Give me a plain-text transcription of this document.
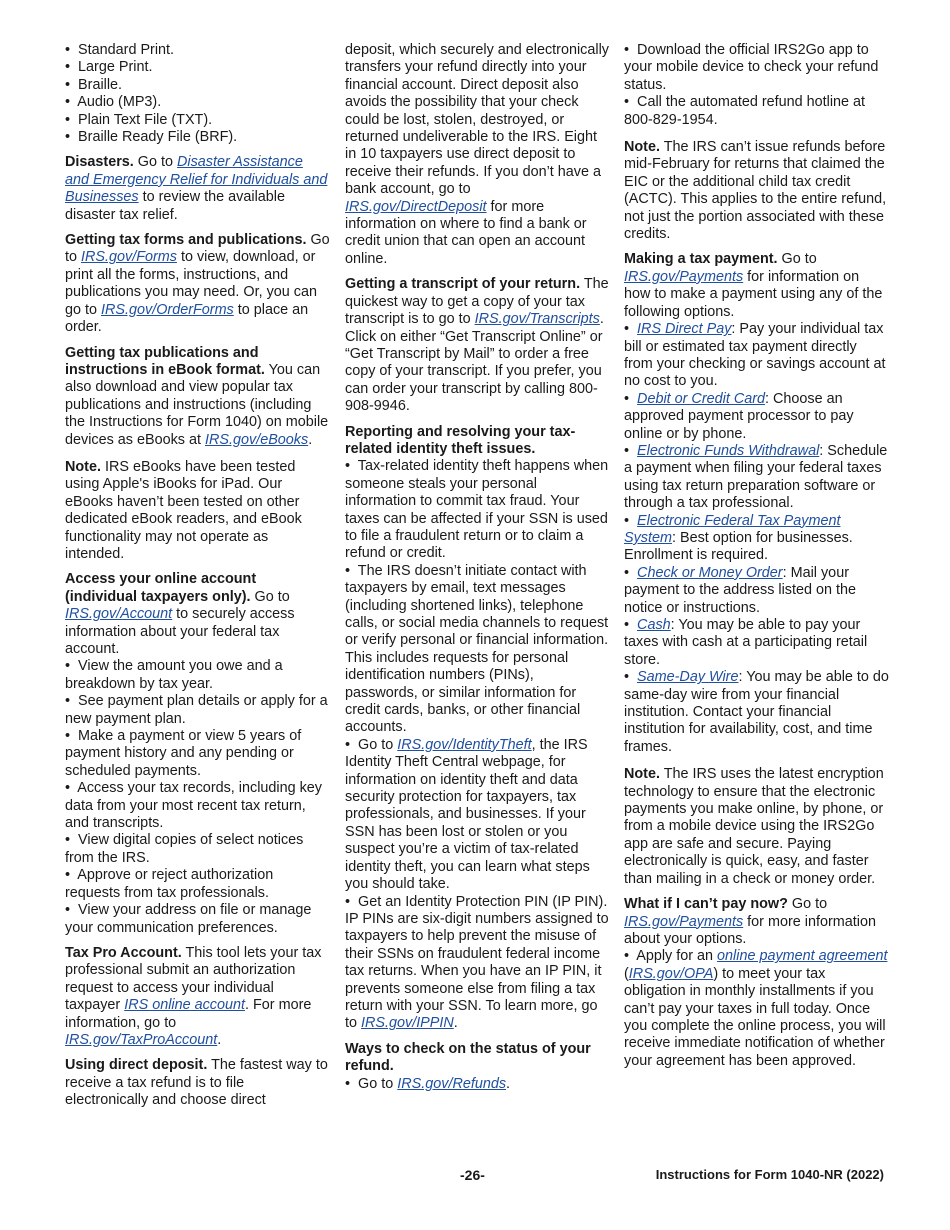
•  Standard Print.
•  Large Print.
•  Braille.
•  Audio (MP3).
•  Plain Text File (TXT).
•  Braille Ready File (BRF).

Disasters. Go to Disaster Assistance and Emergency Relief for Individuals and Businesses to review the available disaster tax relief.

Getting tax forms and publications. Go to IRS.gov/Forms to view, download, or print all the forms, instructions, and publications you may need. Or, you can go to IRS.gov/OrderForms to place an order.

Getting tax publications and instructions in eBook format. You can also download and view popular tax publications and instructions (including the Instructions for Form 1040) on mobile devices as eBooks at IRS.gov/eBooks.

Note. IRS eBooks have been tested using Apple's iBooks for iPad. Our eBooks haven’t been tested on other dedicated eBook readers, and eBook functionality may not operate as intended.

Access your online account (individual taxpayers only). Go to IRS.gov/Account to securely access information about your federal tax account.

•  View the amount you owe and a breakdown by tax year.

•  See payment plan details or apply for a new payment plan.

•  Make a payment or view 5 years of payment history and any pending or scheduled payments.

•  Access your tax records, including key data from your most recent tax return, and transcripts.

•  View digital copies of select notices from the IRS.

•  Approve or reject authorization requests from tax professionals.

•  View your address on file or manage your communication preferences.

Tax Pro Account. This tool lets your tax professional submit an authorization request to access your individual taxpayer IRS online account. For more information, go to IRS.gov/TaxProAccount.

Using direct deposit. The fastest way to receive a tax refund is to file electronically and choose direct

deposit, which securely and electronically transfers your refund directly into your financial account. Direct deposit also avoids the possibility that your check could be lost, stolen, destroyed, or returned undeliverable to the IRS. Eight in 10 taxpayers use direct deposit to receive their refunds. If you don’t have a bank account, go to IRS.gov/DirectDeposit for more information on where to find a bank or credit union that can open an account online.

Getting a transcript of your return. The quickest way to get a copy of your tax transcript is to go to IRS.gov/Transcripts. Click on either “Get Transcript Online” or “Get Transcript by Mail” to order a free copy of your transcript. If you prefer, you can order your transcript by calling 800-908-9946.

Reporting and resolving your tax-related identity theft issues.

•  Tax-related identity theft happens when someone steals your personal information to commit tax fraud. Your taxes can be affected if your SSN is used to file a fraudulent return or to claim a refund or credit.

•  The IRS doesn’t initiate contact with taxpayers by email, text messages (including shortened links), telephone calls, or social media channels to request or verify personal or financial information. This includes requests for personal identification numbers (PINs), passwords, or similar information for credit cards, banks, or other financial accounts.

•  Go to IRS.gov/IdentityTheft, the IRS Identity Theft Central webpage, for information on identity theft and data security protection for taxpayers, tax professionals, and businesses. If your SSN has been lost or stolen or you suspect you’re a victim of tax-related identity theft, you can learn what steps you should take.

•  Get an Identity Protection PIN (IP PIN). IP PINs are six-digit numbers assigned to taxpayers to help prevent the misuse of their SSNs on fraudulent federal income tax returns. When you have an IP PIN, it prevents someone else from filing a tax return with your SSN. To learn more, go to IRS.gov/IPPIN.

Ways to check on the status of your refund.

•  Go to IRS.gov/Refunds.

•  Download the official IRS2Go app to your mobile device to check your refund status.

•  Call the automated refund hotline at 800-829-1954.

Note. The IRS can’t issue refunds before mid-February for returns that claimed the EIC or the additional child tax credit (ACTC). This applies to the entire refund, not just the portion associated with these credits.

Making a tax payment. Go to IRS.gov/Payments for information on how to make a payment using any of the following options.

•  IRS Direct Pay: Pay your individual tax bill or estimated tax payment directly from your checking or savings account at no cost to you.

•  Debit or Credit Card: Choose an approved payment processor to pay online or by phone.

•  Electronic Funds Withdrawal: Schedule a payment when filing your federal taxes using tax return preparation software or through a tax professional.

•  Electronic Federal Tax Payment System: Best option for businesses. Enrollment is required.

•  Check or Money Order: Mail your payment to the address listed on the notice or instructions.

•  Cash: You may be able to pay your taxes with cash at a participating retail store.

•  Same-Day Wire: You may be able to do same-day wire from your financial institution. Contact your financial institution for availability, cost, and time frames.

Note. The IRS uses the latest encryption technology to ensure that the electronic payments you make online, by phone, or from a mobile device using the IRS2Go app are safe and secure. Paying electronically is quick, easy, and faster than mailing in a check or money order.

What if I can’t pay now? Go to IRS.gov/Payments for more information about your options.

•  Apply for an online payment agreement (IRS.gov/OPA) to meet your tax obligation in monthly installments if you can’t pay your taxes in full today. Once you complete the online process, you will receive immediate notification of whether your agreement has been approved.

-26-	Instructions for Form 1040-NR (2022)
